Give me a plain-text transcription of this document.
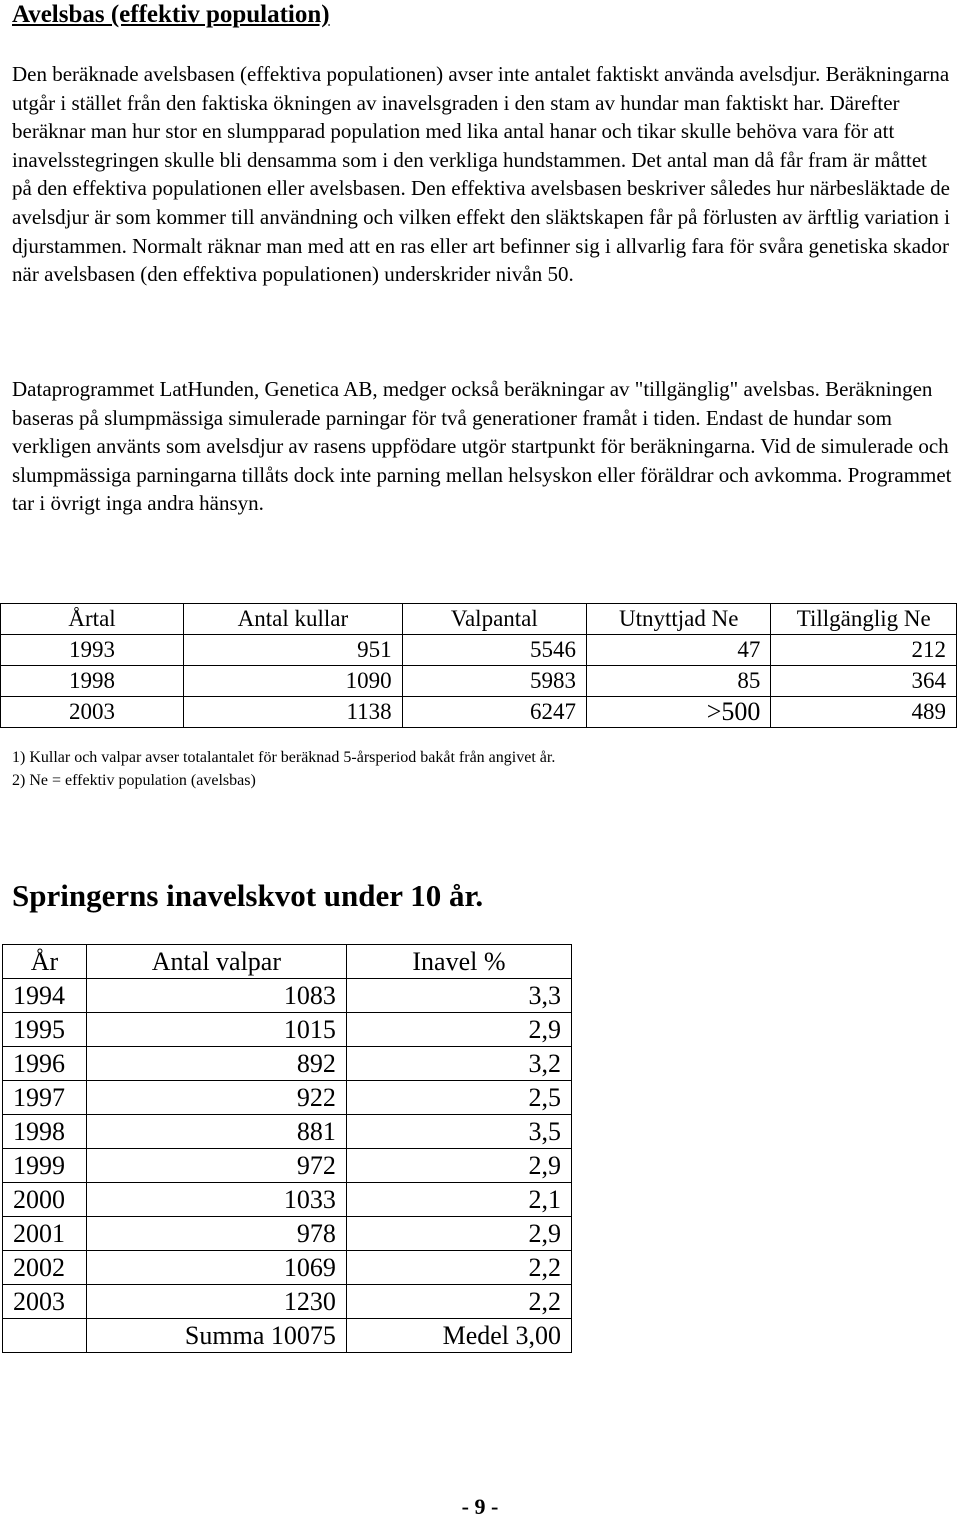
Avelsbas (effektiv population)

Den beräknade avelsbasen (effektiva populationen) avser inte antalet faktiskt använda avelsdjur. Beräkningarna utgår i stället från den faktiska ökningen av inavelsgraden i den stam av hundar man faktiskt har. Därefter beräknar man hur stor en slumpparad population med lika antal hanar och tikar skulle behöva vara för att inavelsstegringen skulle bli densamma som i den verkliga hundstammen. Det antal man då får fram är måttet på den effektiva populationen eller avelsbasen. Den effektiva avelsbasen beskriver således hur närbesläktade de avelsdjur är som kommer till användning och vilken effekt den släktskapen får på förlusten av ärftlig variation i djurstammen. Normalt räknar man med att en ras eller art befinner sig i allvarlig fara för svåra genetiska skador när avelsbasen (den effektiva populationen) underskrider nivån 50.

Dataprogrammet LatHunden, Genetica AB, medger också beräkningar av "tillgänglig" avelsbas. Beräkningen baseras på slumpmässiga simulerade parningar för två generationer framåt i tiden. Endast de hundar som verkligen använts som avelsdjur av rasens uppfödare utgör startpunkt för beräkningarna. Vid de simulerade och slumpmässiga parningarna tillåts dock inte parning mellan helsyskon eller föräldrar och avkomma. Programmet tar i övrigt inga andra hänsyn.

Årtal	Antal kullar	Valpantal	Utnyttjad Ne	Tillgänglig Ne
1993	951	5546	47	212
1998	1090	5983	85	364
2003	1138	6247	>500	489

1) Kullar och valpar avser totalantalet för beräknad 5-årsperiod bakåt från angivet år.

2) Ne = effektiv population (avelsbas)

Springerns inavelskvot under 10 år.
År	Antal valpar	Inavel %
1994	1083	3,3
1995	1015	2,9
1996	892	3,2
1997	922	2,5
1998	881	3,5
1999	972	2,9
2000	1033	2,1
2001	978	2,9
2002	1069	2,2
2003	1230	2,2
	Summa 10075	Medel 3,00

- 9 -
